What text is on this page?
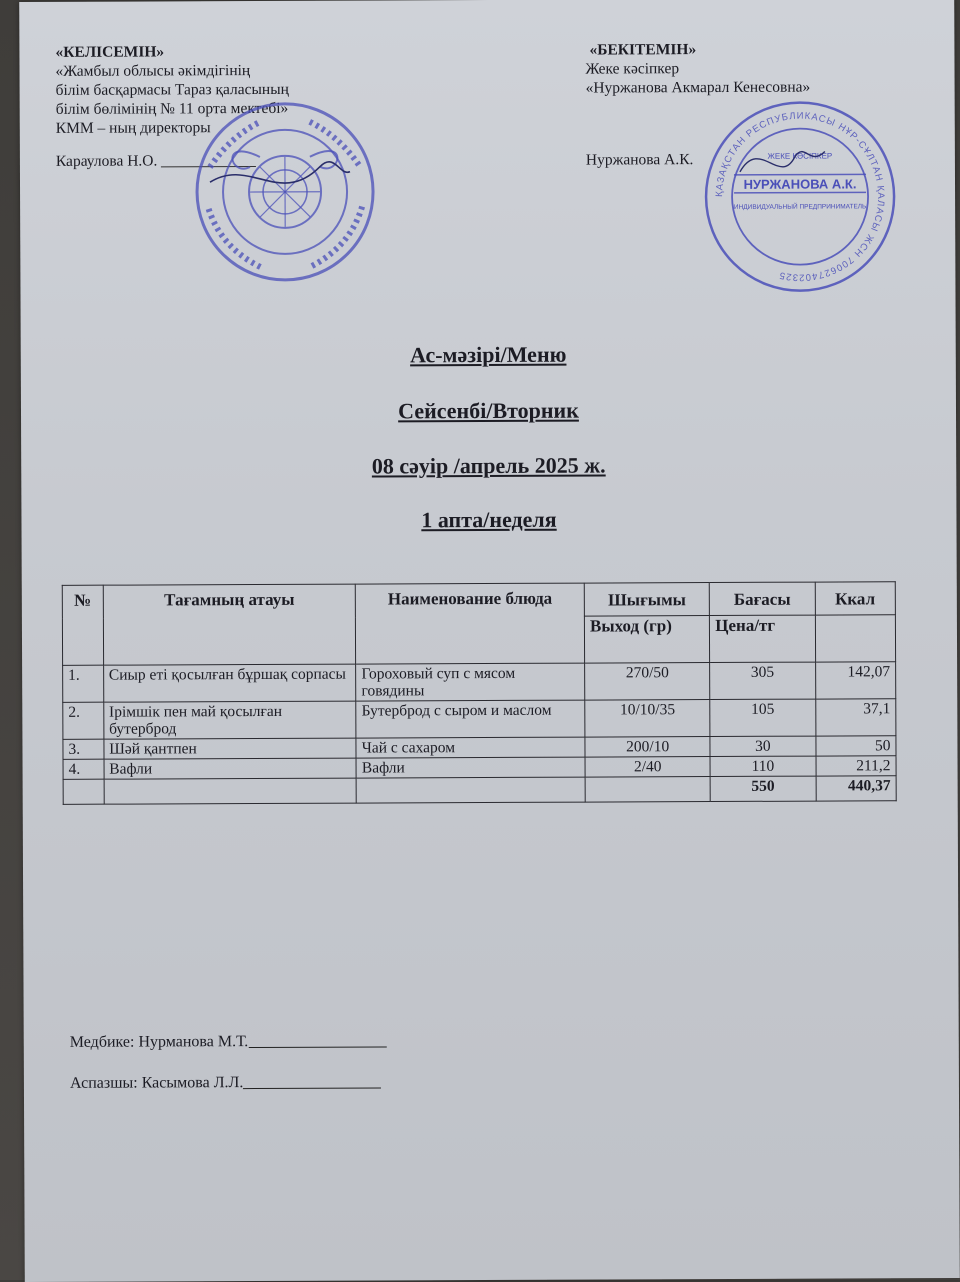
«КЕЛІСЕМІН»
«Жамбыл облысы әкімдігінің
білім басқармасы Тараз қаласының
білім бөлімінің № 11 орта мектебі»
КММ – ның директоры
Караулова Н.О.
«БЕКІТЕМІН»
Жеке кәсіпкер
«Нуржанова Акмарал Кенесовна»
Нуржанова А.К.
ҚАЗАҚСТАН РЕСПУБЛИКАСЫ НҰР-СҰЛТАН ҚАЛАСЫ ЖСН 700627402325
ЖЕКЕ КӘСІПКЕР
НУРЖАНОВА А.К.
ИНДИВИДУАЛЬНЫЙ ПРЕДПРИНИМАТЕЛЬ
Ас-мәзірі/Меню
Сейсенбі/Вторник
08 сәуір /апрель 2025 ж.
1 апта/неделя
№	Тағамның атауы	Наименование блюда	Шығымы	Бағасы	Ккал
			Выход (гр)	Цена/тг	
1.	Сиыр еті қосылған бұршақ сорпасы	Гороховый суп с мясом говядины	270/50	305	142,07
2.	Ірімшік пен май қосылған бутерброд	Бутерброд с сыром и маслом	10/10/35	105	37,1
3.	Шәй қантпен	Чай с сахаром	200/10	30	50
4.	Вафли	Вафли	2/40	110	211,2
				550	440,37
Медбике: Нурманова М.Т.
Аспазшы: Касымова Л.Л.
